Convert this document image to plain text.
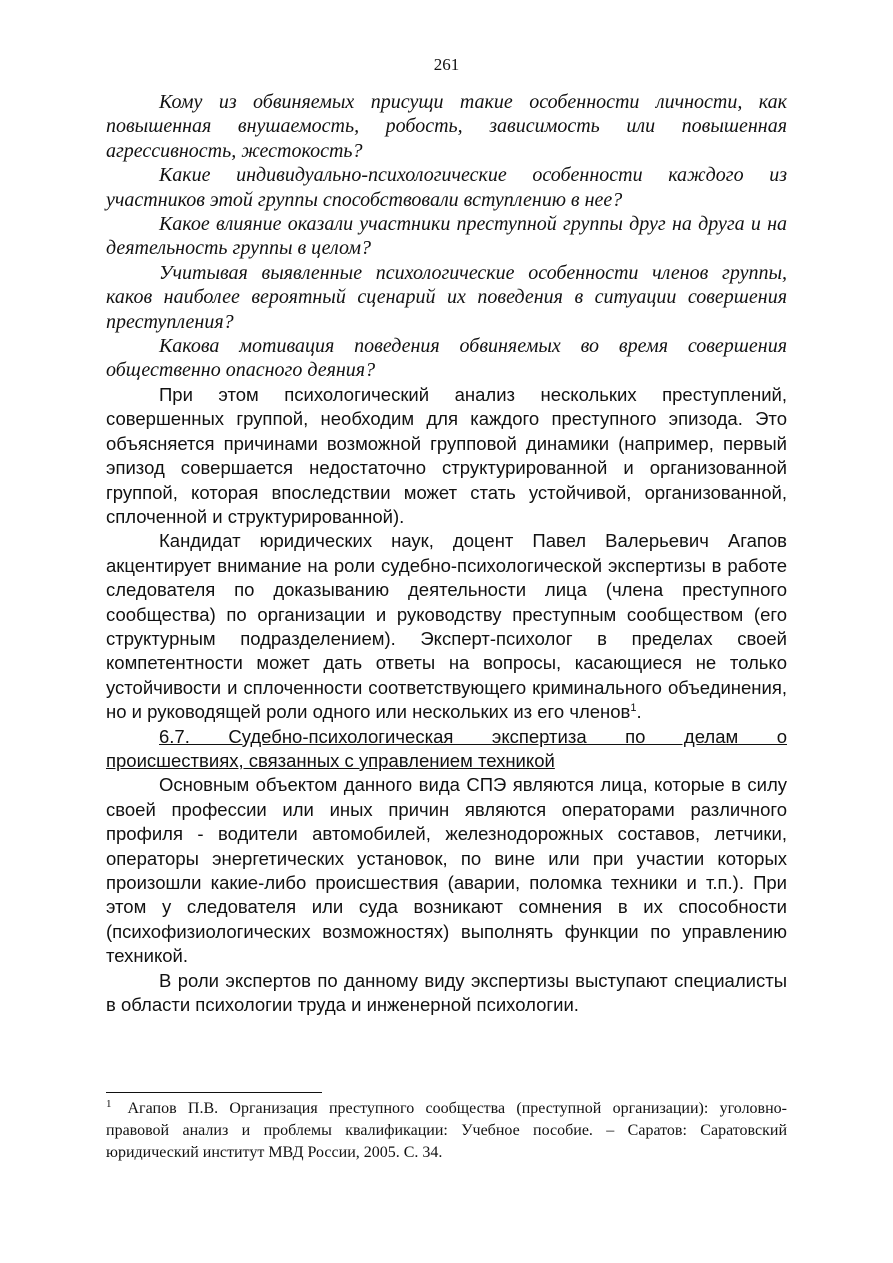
261

Кому из обвиняемых присущи такие особенности личности, как повышенная внушаемость, робость, зависимость или повышенная агрессивность, жестокость?

Какие индивидуально-психологические особенности каждого из участников этой группы способствовали вступлению в нее?

Какое влияние оказали участники преступной группы друг на друга и на деятельность группы в целом?

Учитывая выявленные психологические особенности членов группы, каков наиболее вероятный сценарий их поведения в ситуации совершения преступления?

Какова мотивация поведения обвиняемых во время совершения общественно опасного деяния?

При этом психологический анализ нескольких преступлений, совершенных группой, необходим для каждого преступного эпизода. Это объясняется причинами возможной групповой динамики (например, первый эпизод совершается недостаточно структурированной и организованной группой, которая впоследствии может стать устойчивой, организованной, сплоченной и структурированной).

Кандидат юридических наук, доцент Павел Валерьевич Агапов акцентирует внимание на роли судебно-психологической экспертизы в работе следователя по доказыванию деятельности лица (члена преступного сообщества) по организации и руководству преступным сообществом (его структурным подразделением). Эксперт-психолог в пределах своей компетентности может дать ответы на вопросы, касающиеся не только устойчивости и сплоченности соответствующего криминального объединения, но и руководящей роли одного или нескольких из его членов$^1$.

6.7. Судебно-психологическая экспертиза по делам о

происшествиях, связанных с управлением техникой

Основным объектом данного вида СПЭ являются лица, которые в силу своей профессии или иных причин являются операторами различного профиля - водители автомобилей, железнодорожных составов, летчики, операторы энергетических установок, по вине или при участии которых произошли какие-либо происшествия (аварии, поломка техники и т.п.). При этом у следователя или суда возникают сомнения в их способности (психофизиологических возможностях) выполнять функции по управлению техникой.

В роли экспертов по данному виду экспертизы выступают специалисты в области психологии труда и инженерной психологии.

$^1$ Агапов П.В. Организация преступного сообщества (преступной организации): уголовно-правовой анализ и проблемы квалификации: Учебное пособие. – Саратов: Саратовский юридический институт МВД России, 2005. С. 34.
